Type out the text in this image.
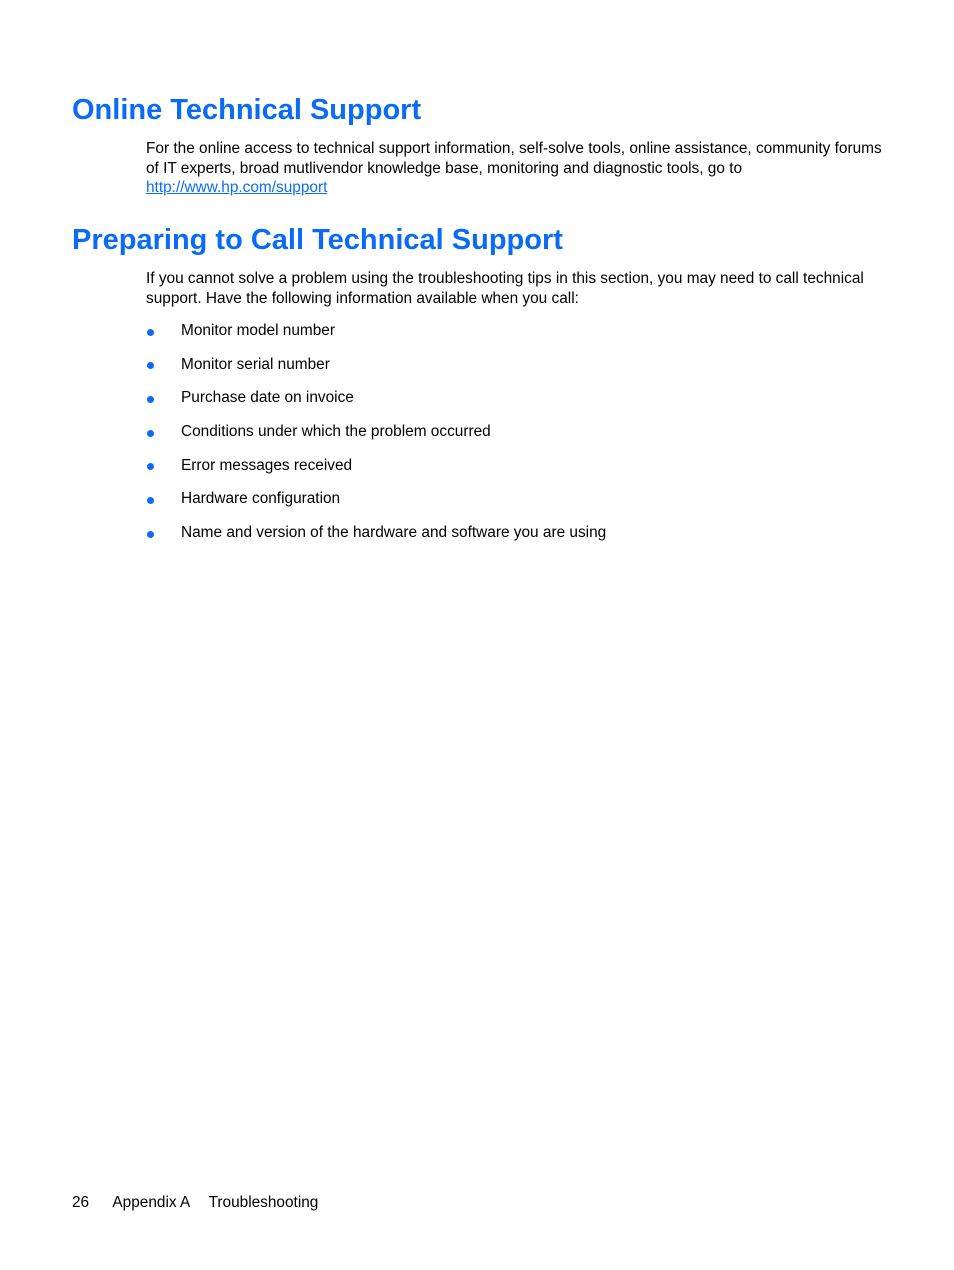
Online Technical Support

For the online access to technical support information, self-solve tools, online assistance, community forums of IT experts, broad mutlivendor knowledge base, monitoring and diagnostic tools, go to
http://www.hp.com/support

Preparing to Call Technical Support

If you cannot solve a problem using the troubleshooting tips in this section, you may need to call technical support. Have the following information available when you call:

Monitor model number
Monitor serial number
Purchase date on invoice
Conditions under which the problem occurred
Error messages received
Hardware configuration
Name and version of the hardware and software you are using
26 Appendix A Troubleshooting
